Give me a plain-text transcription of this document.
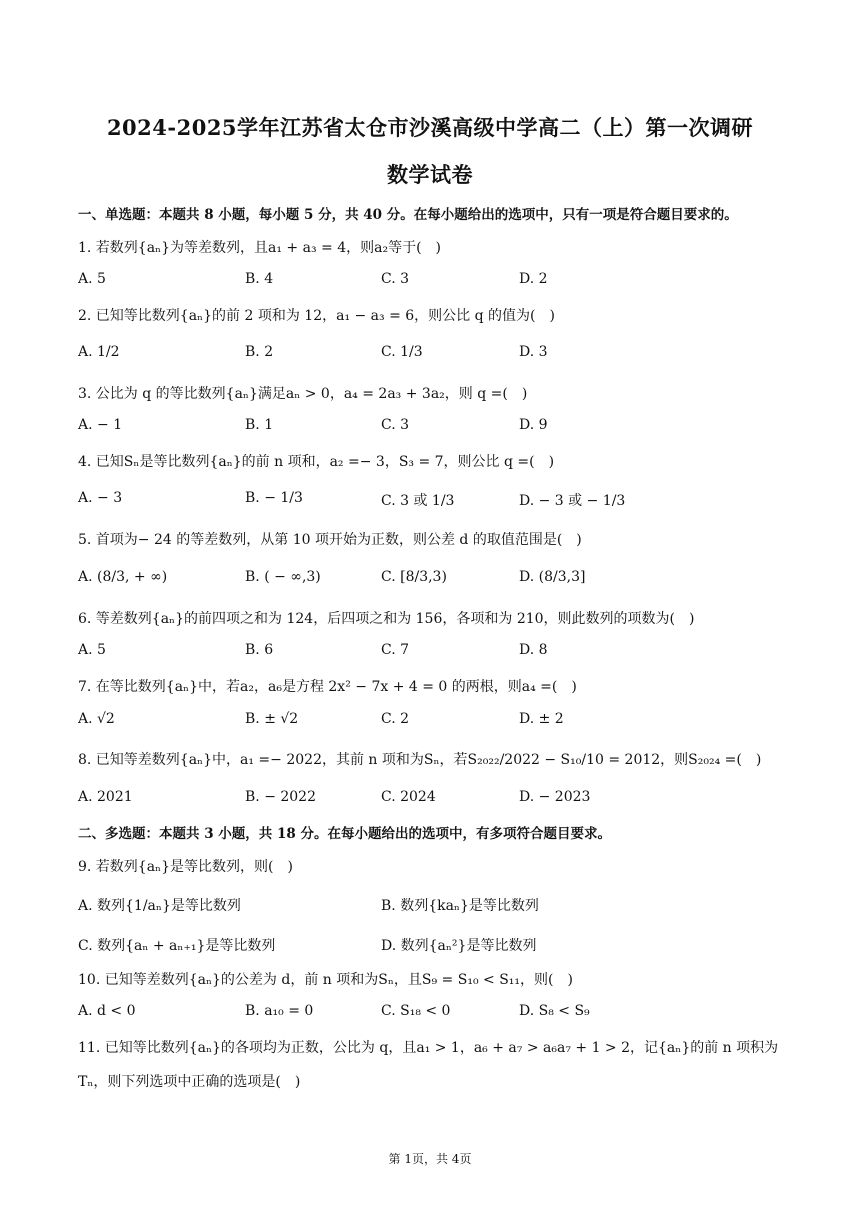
2024-2025学年江苏省太仓市沙溪高级中学高二（上）第一次调研
数学试卷
一、单选题：本题共 8 小题，每小题 5 分，共 40 分。在每小题给出的选项中，只有一项是符合题目要求的。
1. 若数列{aₙ}为等差数列，且a₁ + a₃ = 4，则a₂等于(　)
A. 5	B. 4	C. 3	D. 2
2. 已知等比数列{aₙ}的前 2 项和为 12，a₁ − a₃ = 6，则公比 q 的值为(　)
A. 1/2	B. 2	C. 1/3	D. 3
3. 公比为 q 的等比数列{aₙ}满足aₙ > 0，a₄ = 2a₃ + 3a₂，则 q =(　)
A. − 1	B. 1	C. 3	D. 9
4. 已知Sₙ是等比数列{aₙ}的前 n 项和，a₂ =− 3，S₃ = 7，则公比 q =(　)
A. − 3	B. − 1/3	C. 3 或 1/3	D. − 3 或 − 1/3
5. 首项为− 24 的等差数列，从第 10 项开始为正数，则公差 d 的取值范围是(　)
A. (8/3, + ∞)	B. ( − ∞,3)	C. [8/3,3)	D. (8/3,3]
6. 等差数列{aₙ}的前四项之和为 124，后四项之和为 156，各项和为 210，则此数列的项数为(　)
A. 5	B. 6	C. 7	D. 8
7. 在等比数列{aₙ}中，若a₂，a₆是方程 2x² − 7x + 4 = 0 的两根，则a₄ =(　)
A. √2	B. ± √2	C. 2	D. ± 2
8. 已知等差数列{aₙ}中，a₁ =− 2022，其前 n 项和为Sₙ，若S₂₀₂₂/2022 − S₁₀/10 = 2012，则S₂₀₂₄ =(　)
A. 2021	B. − 2022	C. 2024	D. − 2023
二、多选题：本题共 3 小题，共 18 分。在每小题给出的选项中，有多项符合题目要求。
9. 若数列{aₙ}是等比数列，则(　)
A. 数列{1/aₙ}是等比数列	B. 数列{kaₙ}是等比数列
C. 数列{aₙ + aₙ₊₁}是等比数列	D. 数列{aₙ²}是等比数列
10. 已知等差数列{aₙ}的公差为 d，前 n 项和为Sₙ，且S₉ = S₁₀ < S₁₁，则(　)
A. d < 0	B. a₁₀ = 0	C. S₁₈ < 0	D. S₈ < S₉
11. 已知等比数列{aₙ}的各项均为正数，公比为 q，且a₁ > 1，a₆ + a₇ > a₆a₇ + 1 > 2，记{aₙ}的前 n 项积为
Tₙ，则下列选项中正确的选项是(　)
第 1页，共 4页
